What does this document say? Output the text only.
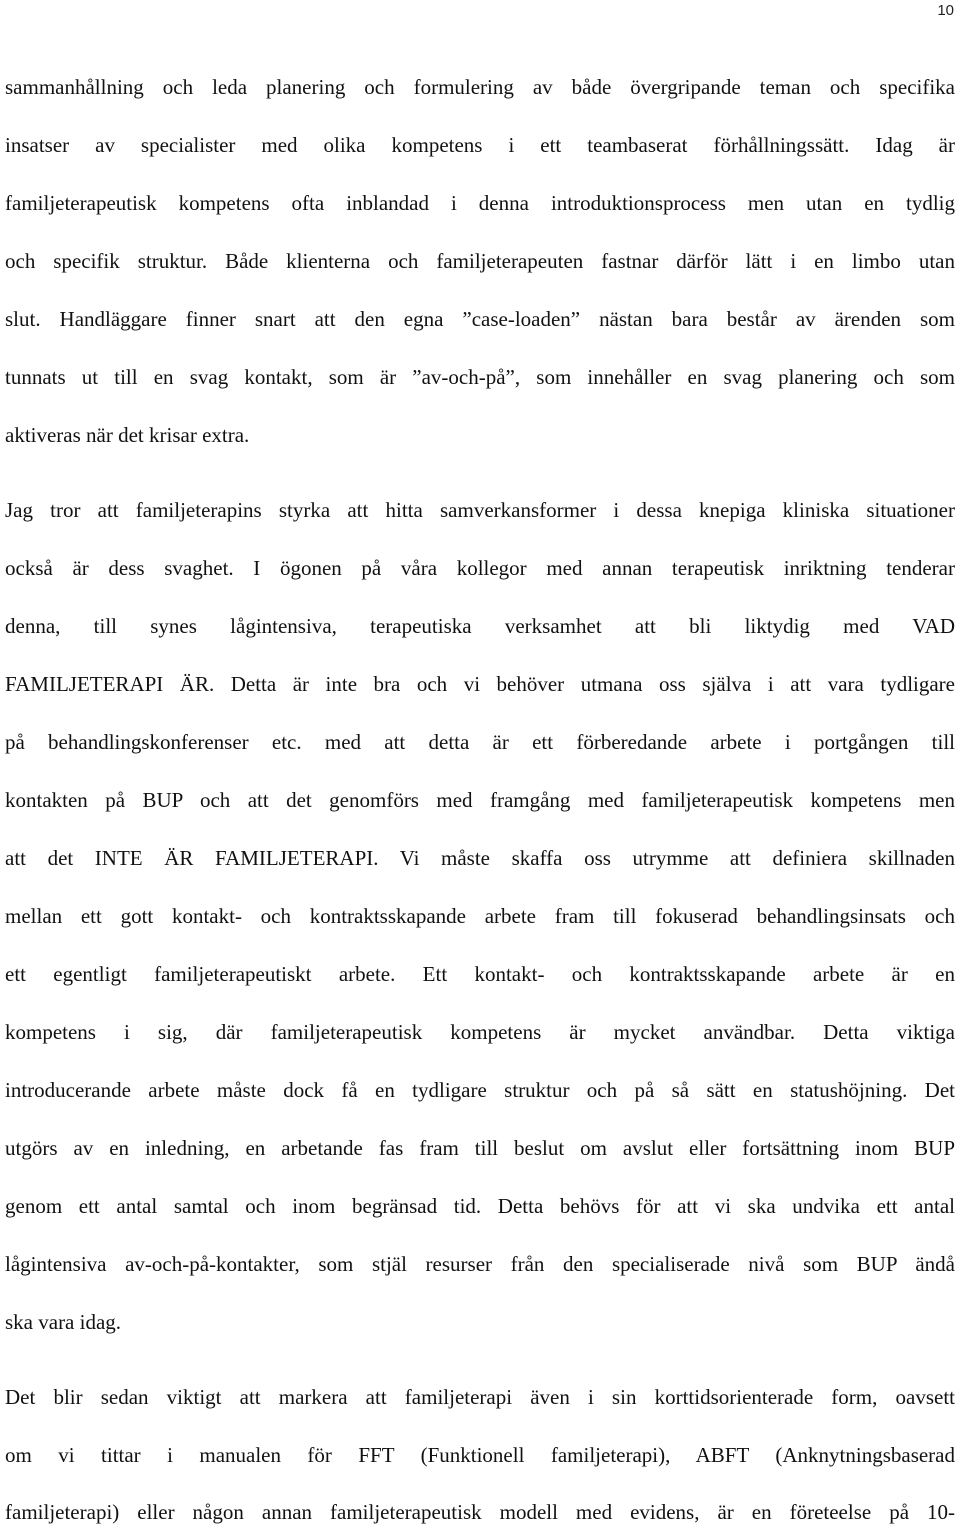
10
sammanhållning och leda planering och formulering av både övergripande teman och specifika
insatser av specialister med olika kompetens i ett teambaserat förhållningssätt. Idag är
familjeterapeutisk kompetens ofta inblandad i denna introduktionsprocess men utan en tydlig
och specifik struktur. Både klienterna och familjeterapeuten fastnar därför lätt i en limbo utan
slut. Handläggare finner snart att den egna ”case-loaden” nästan bara består av ärenden som
tunnats ut till en svag kontakt, som är ”av-och-på”, som innehåller en svag planering och som
aktiveras när det krisar extra.
Jag tror att familjeterapins styrka att hitta samverkansformer i dessa knepiga kliniska situationer
också är dess svaghet. I ögonen på våra kollegor med annan terapeutisk inriktning tenderar
denna, till synes lågintensiva, terapeutiska verksamhet att bli liktydig med VAD
FAMILJETERAPI ÄR. Detta är inte bra och vi behöver utmana oss själva i att vara tydligare
på behandlingskonferenser etc. med att detta är ett förberedande arbete i portgången till
kontakten på BUP och att det genomförs med framgång med familjeterapeutisk kompetens men
att det INTE ÄR FAMILJETERAPI. Vi måste skaffa oss utrymme att definiera skillnaden
mellan ett gott kontakt- och kontraktsskapande arbete fram till fokuserad behandlingsinsats och
ett egentligt familjeterapeutiskt arbete. Ett kontakt- och kontraktsskapande arbete är en
kompetens i sig, där familjeterapeutisk kompetens är mycket användbar. Detta viktiga
introducerande arbete måste dock få en tydligare struktur och på så sätt en statushöjning. Det
utgörs av en inledning, en arbetande fas fram till beslut om avslut eller fortsättning inom BUP
genom ett antal samtal och inom begränsad tid. Detta behövs för att vi ska undvika ett antal
lågintensiva av-och-på-kontakter, som stjäl resurser från den specialiserade nivå som BUP ändå
ska vara idag.
Det blir sedan viktigt att markera att familjeterapi även i sin korttidsorienterade form, oavsett
om vi tittar i manualen för FFT (Funktionell familjeterapi), ABFT (Anknytningsbaserad
familjeterapi) eller någon annan familjeterapeutisk modell med evidens, är en företeelse på 10-
